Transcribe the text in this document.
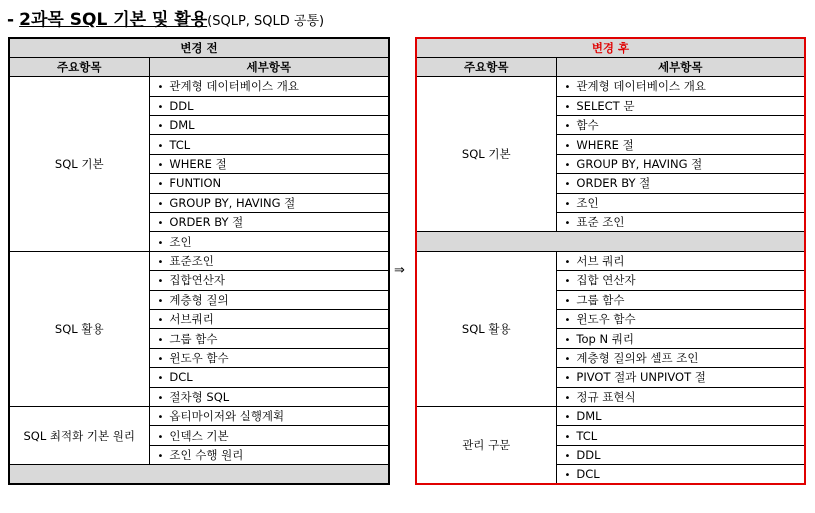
- 2과목 SQL 기본 및 활용(SQLP, SQLD 공통)
변경 전	
주요항목	세부항목
SQL 기본	• 관계형 데이터베이스 개요
	• DDL
	• DML
	• TCL
	• WHERE 절
	• FUNTION
	• GROUP BY, HAVING 절
	• ORDER BY 절
	• 조인
SQL 활용	• 표준조인
	• 집합연산자
	• 계층형 질의
	• 서브쿼리
	• 그룹 함수
	• 윈도우 함수
	• DCL
	• 절차형 SQL
SQL 최적화 기본 원리	• 옵티마이저와 실행계획
	• 인덱스 기본
	• 조인 수행 원리

⇒
변경 후	
주요항목	세부항목
SQL 기본	• 관계형 데이터베이스 개요
	• SELECT 문
	• 함수
	• WHERE 절
	• GROUP BY, HAVING 절
	• ORDER BY 절
	• 조인
	• 표준 조인

SQL 활용	• 서브 쿼리
	• 집합 연산자
	• 그룹 함수
	• 윈도우 함수
	• Top N 쿼리
	• 계층형 질의와 셀프 조인
	• PIVOT 절과 UNPIVOT 절
	• 정규 표현식
관리 구문	• DML
	• TCL
	• DDL
	• DCL
